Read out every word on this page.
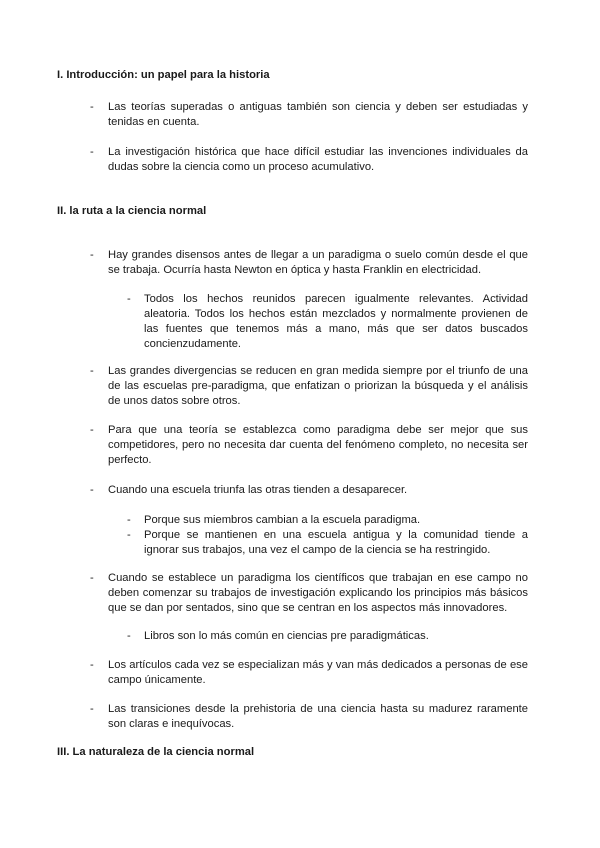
I. Introducción: un papel para la historia
- Las teorías superadas o antiguas también son ciencia y deben ser estudiadas y tenidas en cuenta.
- La investigación histórica que hace difícil estudiar las invenciones individuales da dudas sobre la ciencia como un proceso acumulativo.
II. la ruta a la ciencia normal
- Hay grandes disensos antes de llegar a un paradigma o suelo común desde el que se trabaja. Ocurría hasta Newton en óptica y hasta Franklin en electricidad.
- Todos los hechos reunidos parecen igualmente relevantes. Actividad aleatoria. Todos los hechos están mezclados y normalmente provienen de las fuentes que tenemos más a mano, más que ser datos buscados concienzudamente.
- Las grandes divergencias se reducen en gran medida siempre por el triunfo de una de las escuelas pre-paradigma, que enfatizan o priorizan la búsqueda y el análisis de unos datos sobre otros.
- Para que una teoría se establezca como paradigma debe ser mejor que sus competidores, pero no necesita dar cuenta del fenómeno completo, no necesita ser perfecto.
- Cuando una escuela triunfa las otras tienden a desaparecer.
- Porque sus miembros cambian a la escuela paradigma.
- Porque se mantienen en una escuela antigua y la comunidad tiende a ignorar sus trabajos, una vez el campo de la ciencia se ha restringido.
- Cuando se establece un paradigma los científicos que trabajan en ese campo no deben comenzar su trabajos de investigación explicando los principios más básicos que se dan por sentados, sino que se centran en los aspectos más innovadores.
- Libros son lo más común en ciencias pre paradigmáticas.
- Los artículos cada vez se especializan más y van más dedicados a personas de ese campo únicamente.
- Las transiciones desde la prehistoria de una ciencia hasta su madurez raramente son claras e inequívocas.
III. La naturaleza de la ciencia normal
